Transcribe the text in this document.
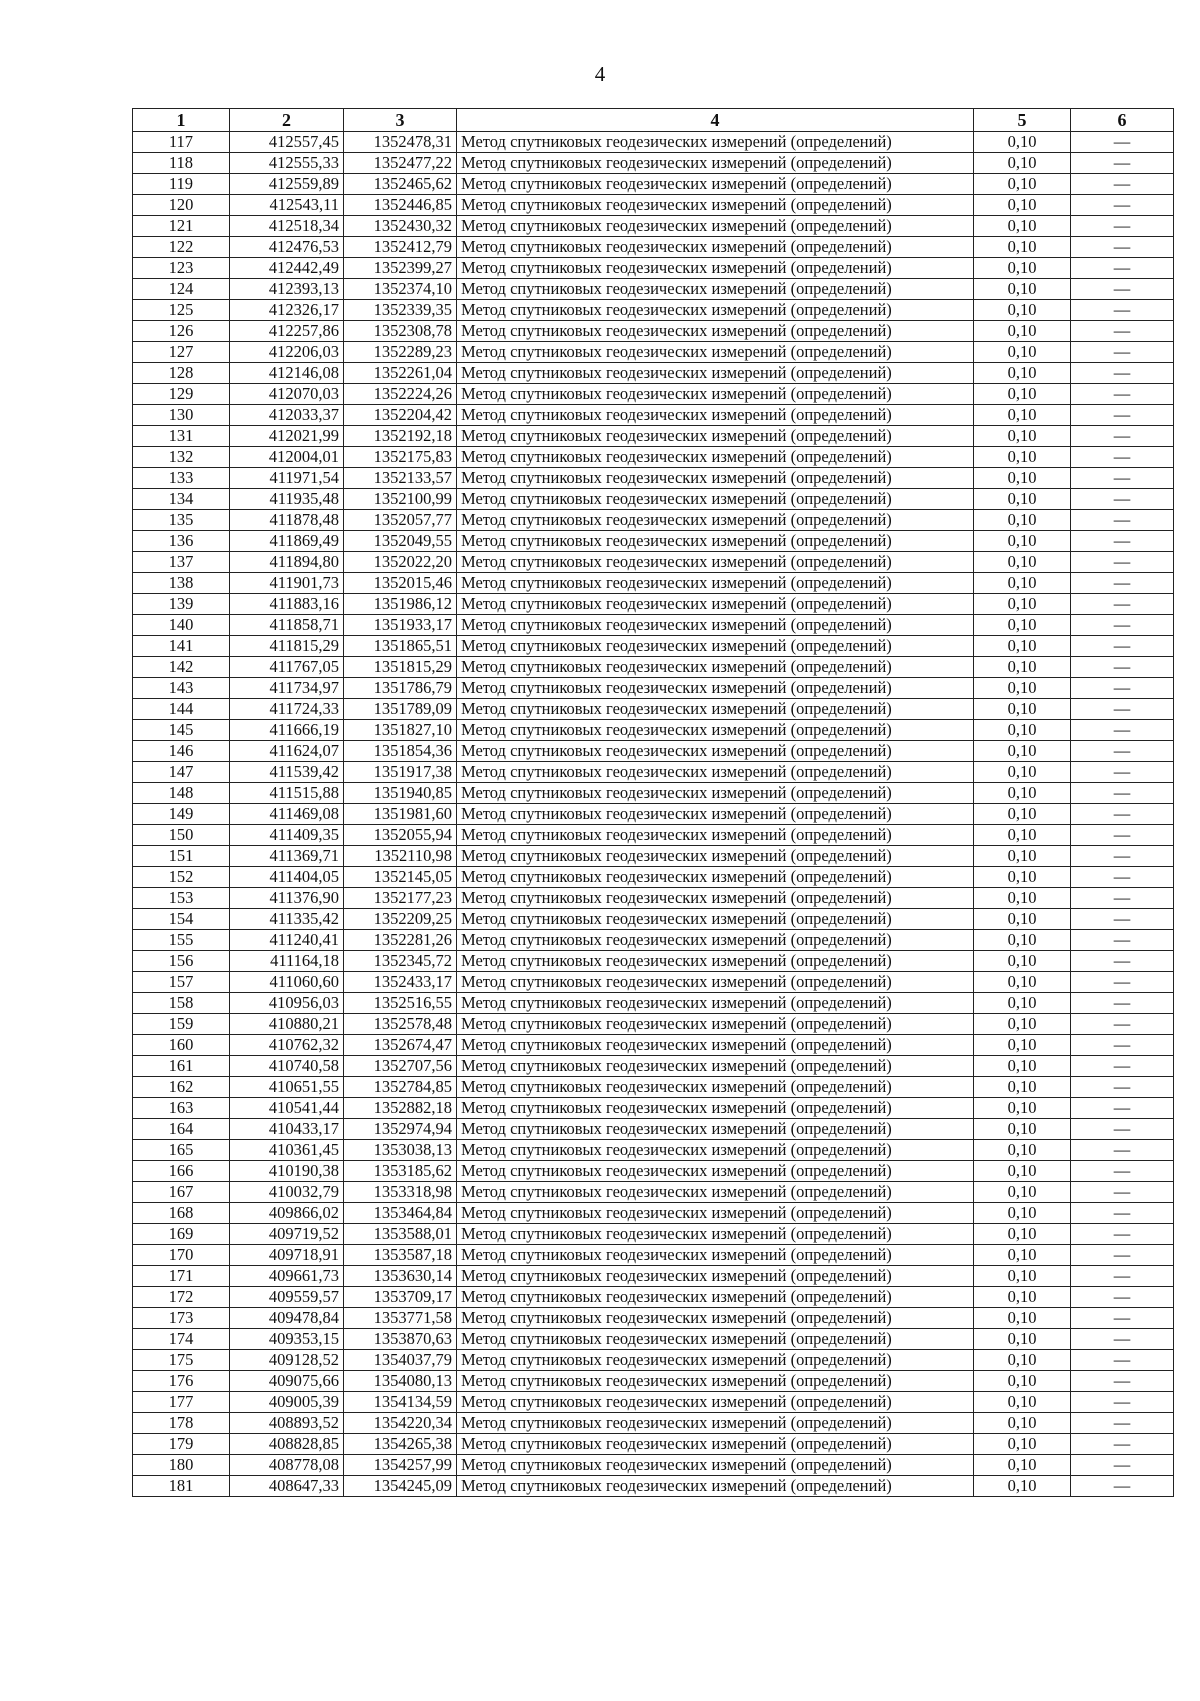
4
1	2	3	4	5	6
117	412557,45	1352478,31	Метод спутниковых геодезических измерений (определений)	0,10	—
118	412555,33	1352477,22	Метод спутниковых геодезических измерений (определений)	0,10	—
119	412559,89	1352465,62	Метод спутниковых геодезических измерений (определений)	0,10	—
120	412543,11	1352446,85	Метод спутниковых геодезических измерений (определений)	0,10	—
121	412518,34	1352430,32	Метод спутниковых геодезических измерений (определений)	0,10	—
122	412476,53	1352412,79	Метод спутниковых геодезических измерений (определений)	0,10	—
123	412442,49	1352399,27	Метод спутниковых геодезических измерений (определений)	0,10	—
124	412393,13	1352374,10	Метод спутниковых геодезических измерений (определений)	0,10	—
125	412326,17	1352339,35	Метод спутниковых геодезических измерений (определений)	0,10	—
126	412257,86	1352308,78	Метод спутниковых геодезических измерений (определений)	0,10	—
127	412206,03	1352289,23	Метод спутниковых геодезических измерений (определений)	0,10	—
128	412146,08	1352261,04	Метод спутниковых геодезических измерений (определений)	0,10	—
129	412070,03	1352224,26	Метод спутниковых геодезических измерений (определений)	0,10	—
130	412033,37	1352204,42	Метод спутниковых геодезических измерений (определений)	0,10	—
131	412021,99	1352192,18	Метод спутниковых геодезических измерений (определений)	0,10	—
132	412004,01	1352175,83	Метод спутниковых геодезических измерений (определений)	0,10	—
133	411971,54	1352133,57	Метод спутниковых геодезических измерений (определений)	0,10	—
134	411935,48	1352100,99	Метод спутниковых геодезических измерений (определений)	0,10	—
135	411878,48	1352057,77	Метод спутниковых геодезических измерений (определений)	0,10	—
136	411869,49	1352049,55	Метод спутниковых геодезических измерений (определений)	0,10	—
137	411894,80	1352022,20	Метод спутниковых геодезических измерений (определений)	0,10	—
138	411901,73	1352015,46	Метод спутниковых геодезических измерений (определений)	0,10	—
139	411883,16	1351986,12	Метод спутниковых геодезических измерений (определений)	0,10	—
140	411858,71	1351933,17	Метод спутниковых геодезических измерений (определений)	0,10	—
141	411815,29	1351865,51	Метод спутниковых геодезических измерений (определений)	0,10	—
142	411767,05	1351815,29	Метод спутниковых геодезических измерений (определений)	0,10	—
143	411734,97	1351786,79	Метод спутниковых геодезических измерений (определений)	0,10	—
144	411724,33	1351789,09	Метод спутниковых геодезических измерений (определений)	0,10	—
145	411666,19	1351827,10	Метод спутниковых геодезических измерений (определений)	0,10	—
146	411624,07	1351854,36	Метод спутниковых геодезических измерений (определений)	0,10	—
147	411539,42	1351917,38	Метод спутниковых геодезических измерений (определений)	0,10	—
148	411515,88	1351940,85	Метод спутниковых геодезических измерений (определений)	0,10	—
149	411469,08	1351981,60	Метод спутниковых геодезических измерений (определений)	0,10	—
150	411409,35	1352055,94	Метод спутниковых геодезических измерений (определений)	0,10	—
151	411369,71	1352110,98	Метод спутниковых геодезических измерений (определений)	0,10	—
152	411404,05	1352145,05	Метод спутниковых геодезических измерений (определений)	0,10	—
153	411376,90	1352177,23	Метод спутниковых геодезических измерений (определений)	0,10	—
154	411335,42	1352209,25	Метод спутниковых геодезических измерений (определений)	0,10	—
155	411240,41	1352281,26	Метод спутниковых геодезических измерений (определений)	0,10	—
156	411164,18	1352345,72	Метод спутниковых геодезических измерений (определений)	0,10	—
157	411060,60	1352433,17	Метод спутниковых геодезических измерений (определений)	0,10	—
158	410956,03	1352516,55	Метод спутниковых геодезических измерений (определений)	0,10	—
159	410880,21	1352578,48	Метод спутниковых геодезических измерений (определений)	0,10	—
160	410762,32	1352674,47	Метод спутниковых геодезических измерений (определений)	0,10	—
161	410740,58	1352707,56	Метод спутниковых геодезических измерений (определений)	0,10	—
162	410651,55	1352784,85	Метод спутниковых геодезических измерений (определений)	0,10	—
163	410541,44	1352882,18	Метод спутниковых геодезических измерений (определений)	0,10	—
164	410433,17	1352974,94	Метод спутниковых геодезических измерений (определений)	0,10	—
165	410361,45	1353038,13	Метод спутниковых геодезических измерений (определений)	0,10	—
166	410190,38	1353185,62	Метод спутниковых геодезических измерений (определений)	0,10	—
167	410032,79	1353318,98	Метод спутниковых геодезических измерений (определений)	0,10	—
168	409866,02	1353464,84	Метод спутниковых геодезических измерений (определений)	0,10	—
169	409719,52	1353588,01	Метод спутниковых геодезических измерений (определений)	0,10	—
170	409718,91	1353587,18	Метод спутниковых геодезических измерений (определений)	0,10	—
171	409661,73	1353630,14	Метод спутниковых геодезических измерений (определений)	0,10	—
172	409559,57	1353709,17	Метод спутниковых геодезических измерений (определений)	0,10	—
173	409478,84	1353771,58	Метод спутниковых геодезических измерений (определений)	0,10	—
174	409353,15	1353870,63	Метод спутниковых геодезических измерений (определений)	0,10	—
175	409128,52	1354037,79	Метод спутниковых геодезических измерений (определений)	0,10	—
176	409075,66	1354080,13	Метод спутниковых геодезических измерений (определений)	0,10	—
177	409005,39	1354134,59	Метод спутниковых геодезических измерений (определений)	0,10	—
178	408893,52	1354220,34	Метод спутниковых геодезических измерений (определений)	0,10	—
179	408828,85	1354265,38	Метод спутниковых геодезических измерений (определений)	0,10	—
180	408778,08	1354257,99	Метод спутниковых геодезических измерений (определений)	0,10	—
181	408647,33	1354245,09	Метод спутниковых геодезических измерений (определений)	0,10	—
